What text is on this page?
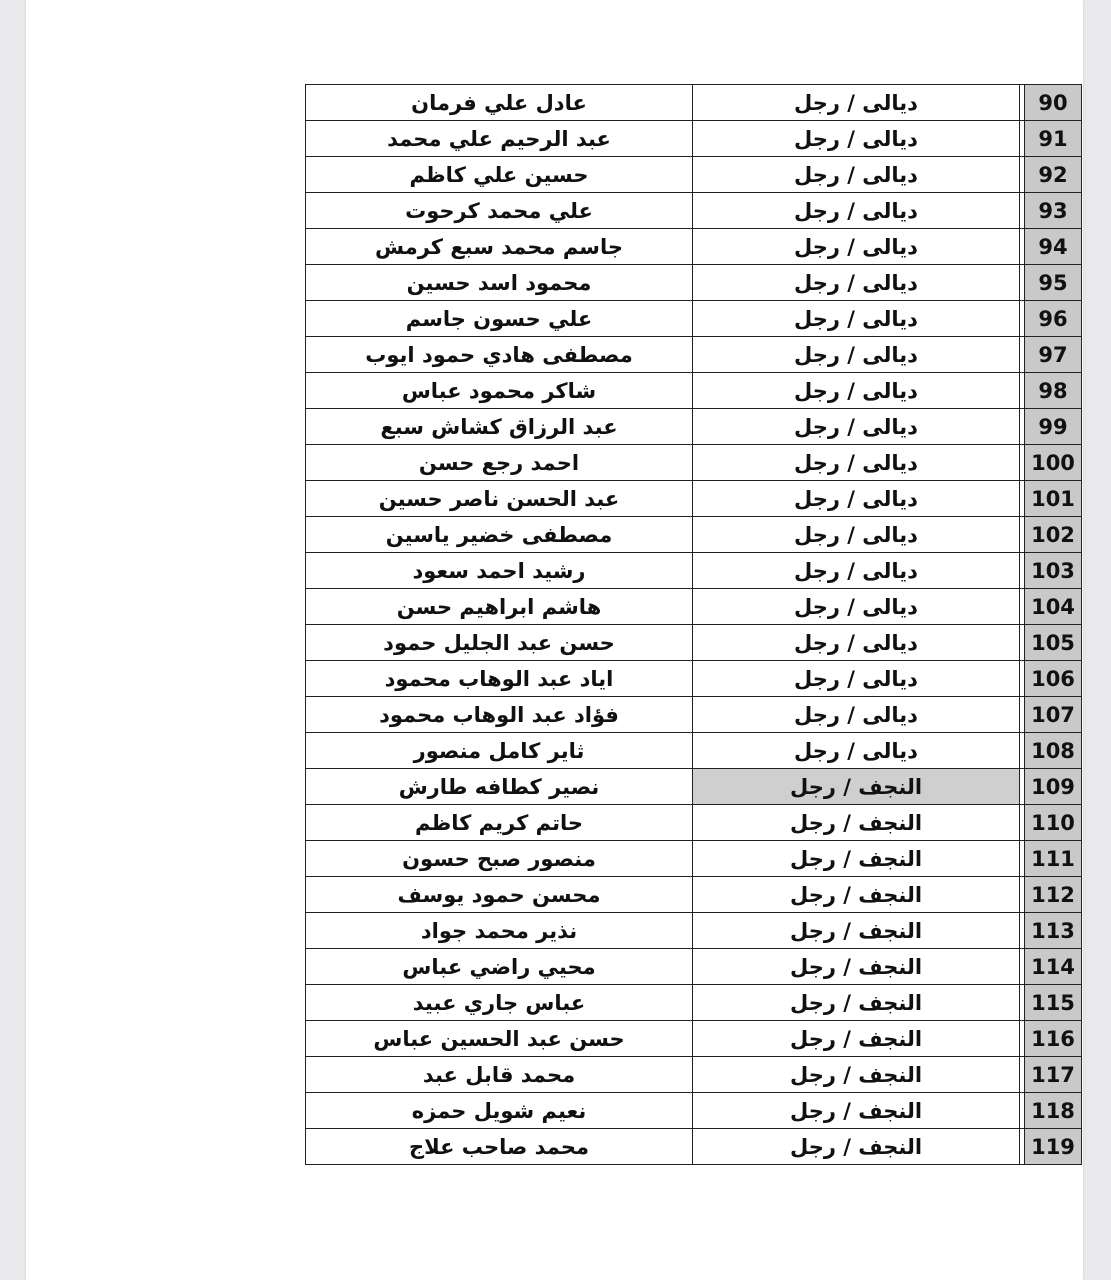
90		ديالى / رجل	عادل علي فرمان
91		ديالى / رجل	عبد الرحيم علي محمد
92		ديالى / رجل	حسين علي كاظم
93		ديالى / رجل	علي محمد كرحوت
94		ديالى / رجل	جاسم محمد سبع كرمش
95		ديالى / رجل	محمود اسد حسين
96		ديالى / رجل	علي حسون جاسم
97		ديالى / رجل	مصطفى هادي حمود ايوب
98		ديالى / رجل	شاكر محمود عباس
99		ديالى / رجل	عبد الرزاق كشاش سبع
100		ديالى / رجل	احمد رجع حسن
101		ديالى / رجل	عبد الحسن ناصر حسين
102		ديالى / رجل	مصطفى خضير ياسين
103		ديالى / رجل	رشيد احمد سعود
104		ديالى / رجل	هاشم ابراهيم حسن
105		ديالى / رجل	حسن عبد الجليل حمود
106		ديالى / رجل	اياد عبد الوهاب محمود
107		ديالى / رجل	فؤاد عبد الوهاب محمود
108		ديالى / رجل	ثاير كامل منصور
109		النجف / رجل	نصير كطافه طارش
110		النجف / رجل	حاتم كريم كاظم
111		النجف / رجل	منصور صبح حسون
112		النجف / رجل	محسن حمود يوسف
113		النجف / رجل	نذير محمد جواد
114		النجف / رجل	محيي راضي عباس
115		النجف / رجل	عباس جاري عبيد
116		النجف / رجل	حسن عبد الحسين عباس
117		النجف / رجل	محمد قابل عبد
118		النجف / رجل	نعيم شويل حمزه
119		النجف / رجل	محمد صاحب علاج
